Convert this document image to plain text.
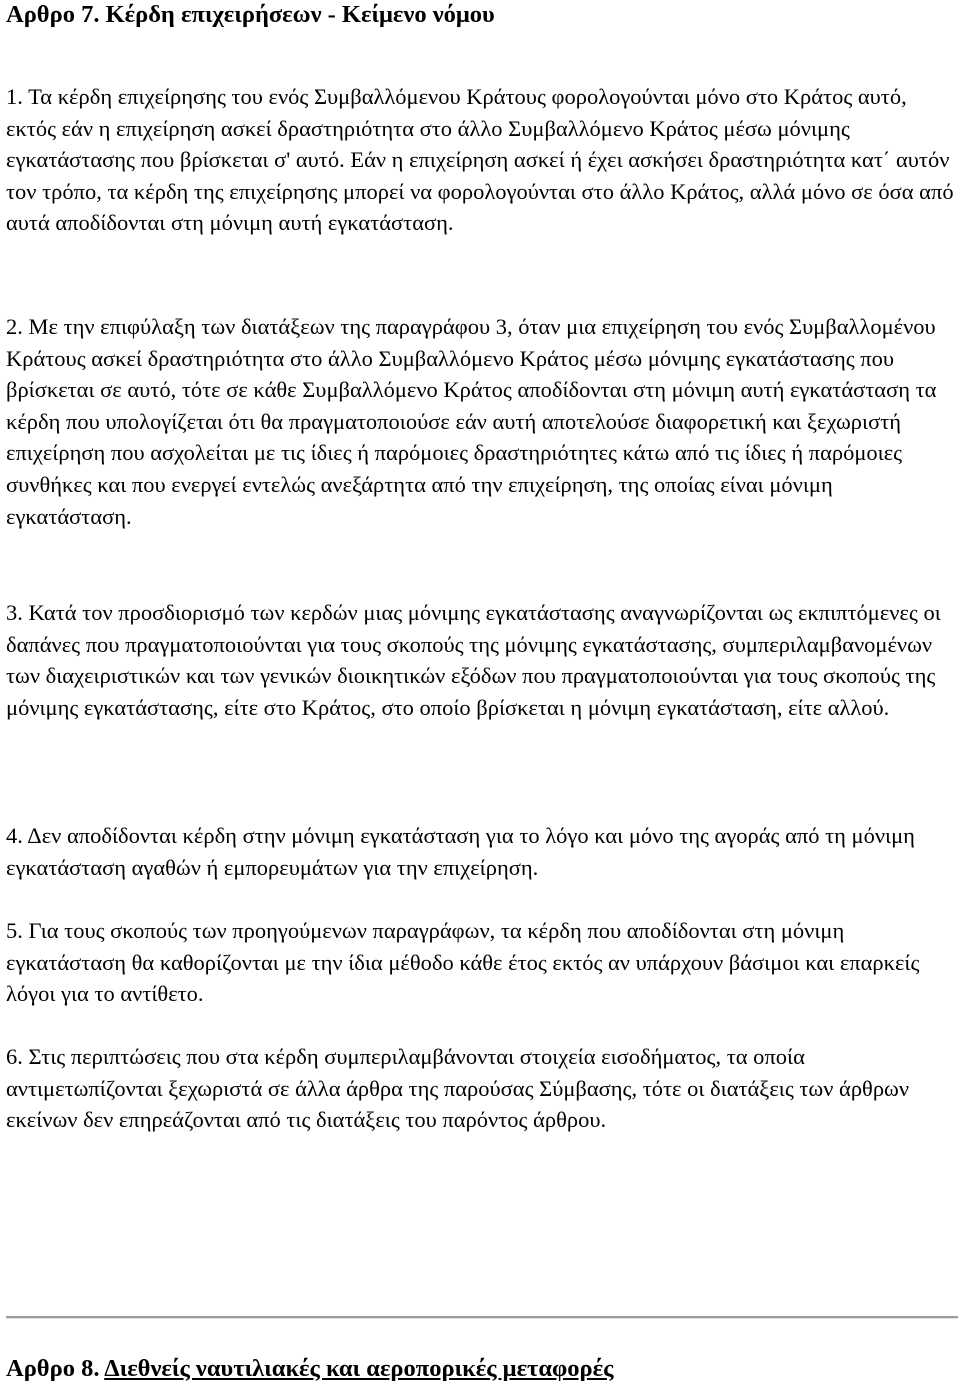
Αρθρο 7. Κέρδη επιχειρήσεων - Κείμενο νόμου

1. Τα κέρδη επιχείρησης του ενός Συμβαλλόμενου Κράτους φορολογούνται μόνο στο Κράτος αυτό, εκτός εάν η επιχείρηση ασκεί δραστηριότητα στο άλλο Συμβαλλόμενο Κράτος μέσω μόνιμης εγκατάστασης που βρίσκεται σ' αυτό. Εάν η επιχείρηση ασκεί ή έχει ασκήσει δραστηριότητα κατ΄ αυτόν τον τρόπο, τα κέρδη της επιχείρησης μπορεί να φορολογούνται στο άλλο Κράτος, αλλά μόνο σε όσα από αυτά αποδίδονται στη μόνιμη αυτή εγκατάσταση.

2. Με την επιφύλαξη των διατάξεων της παραγράφου 3, όταν μια επιχείρηση του ενός Συμβαλλομένου Κράτους ασκεί δραστηριότητα στο άλλο Συμβαλλόμενο Κράτος μέσω μόνιμης εγκατάστασης που βρίσκεται σε αυτό, τότε σε κάθε Συμβαλλόμενο Κράτος αποδίδονται στη μόνιμη αυτή εγκατάσταση τα κέρδη που υπολογίζεται ότι θα πραγματοποιούσε εάν αυτή αποτελούσε διαφορετική και ξεχωριστή επιχείρηση που ασχολείται με τις ίδιες ή παρόμοιες δραστηριότητες κάτω από τις ίδιες ή παρόμοιες συνθήκες και που ενεργεί εντελώς ανεξάρτητα από την επιχείρηση, της οποίας είναι μόνιμη εγκατάσταση.

3. Κατά τον προσδιορισμό των κερδών μιας μόνιμης εγκατάστασης αναγνωρίζονται ως εκπιπτόμενες οι δαπάνες που πραγματοποιούνται για τους σκοπούς της μόνιμης εγκατάστασης, συμπεριλαμβανομένων των διαχειριστικών και των γενικών διοικητικών εξόδων που πραγματοποιούνται για τους σκοπούς της μόνιμης εγκατάστασης, είτε στο Κράτος, στο οποίο βρίσκεται η μόνιμη εγκατάσταση, είτε αλλού.

4. Δεν αποδίδονται κέρδη στην μόνιμη εγκατάσταση για το λόγο και μόνο της αγοράς από τη μόνιμη εγκατάσταση αγαθών ή εμπορευμάτων για την επιχείρηση.

5. Για τους σκοπούς των προηγούμενων παραγράφων, τα κέρδη που αποδίδονται στη μόνιμη εγκατάσταση θα καθορίζονται με την ίδια μέθοδο κάθε έτος εκτός αν υπάρχουν βάσιμοι και επαρκείς λόγοι για το αντίθετο.

6. Στις περιπτώσεις που στα κέρδη συμπεριλαμβάνονται στοιχεία εισοδήματος, τα οποία αντιμετωπίζονται ξεχωριστά σε άλλα άρθρα της παρούσας Σύμβασης, τότε οι διατάξεις των άρθρων εκείνων δεν επηρεάζονται από τις διατάξεις του παρόντος άρθρου.

Αρθρο 8. Διεθνείς ναυτιλιακές και αεροπορικές μεταφορές
